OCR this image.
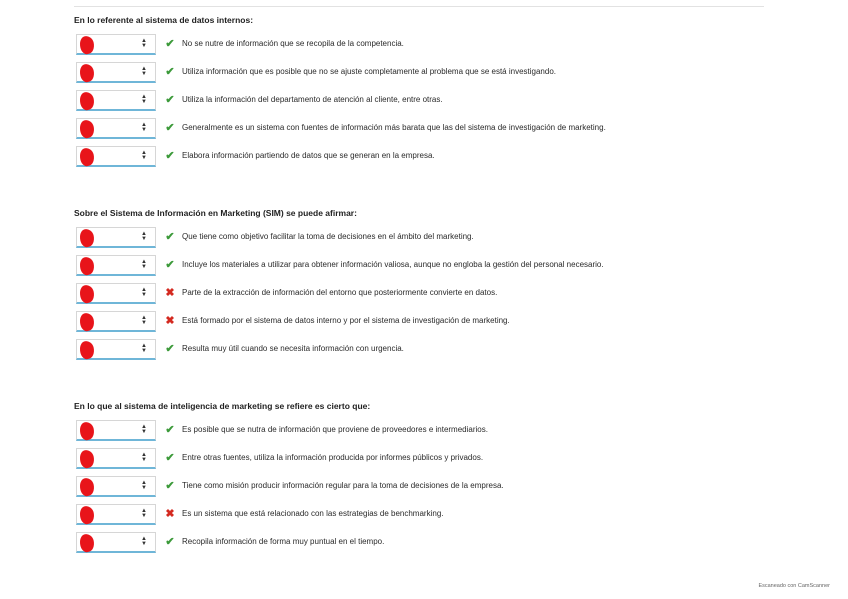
En lo referente al sistema de datos internos:
▲
▼ ✔ No se nutre de información que se recopila de la competencia.
▲
▼ ✔ Utiliza información que es posible que no se ajuste completamente al problema que se está investigando.
▲
▼ ✔ Utiliza la información del departamento de atención al cliente, entre otras.
▲
▼ ✔ Generalmente es un sistema con fuentes de información más barata que las del sistema de investigación de marketing.
▲
▼ ✔ Elabora información partiendo de datos que se generan en la empresa.
Sobre el Sistema de Información en Marketing (SIM) se puede afirmar:
▲
▼ ✔ Que tiene como objetivo facilitar la toma de decisiones en el ámbito del marketing.
▲
▼ ✔ Incluye los materiales a utilizar para obtener información valiosa, aunque no engloba la gestión del personal necesario.
▲
▼ ✖ Parte de la extracción de información del entorno que posteriormente convierte en datos.
▲
▼ ✖ Está formado por el sistema de datos interno y por el sistema de investigación de marketing.
▲
▼ ✔ Resulta muy útil cuando se necesita información con urgencia.
En lo que al sistema de inteligencia de marketing se refiere es cierto que:
▲
▼ ✔ Es posible que se nutra de información que proviene de proveedores e intermediarios.
▲
▼ ✔ Entre otras fuentes, utiliza la información producida por informes públicos y privados.
▲
▼ ✔ Tiene como misión producir información regular para la toma de decisiones de la empresa.
▲
▼ ✖ Es un sistema que está relacionado con las estrategias de benchmarking.
▲
▼ ✔ Recopila información de forma muy puntual en el tiempo.
Escaneado con CamScanner
